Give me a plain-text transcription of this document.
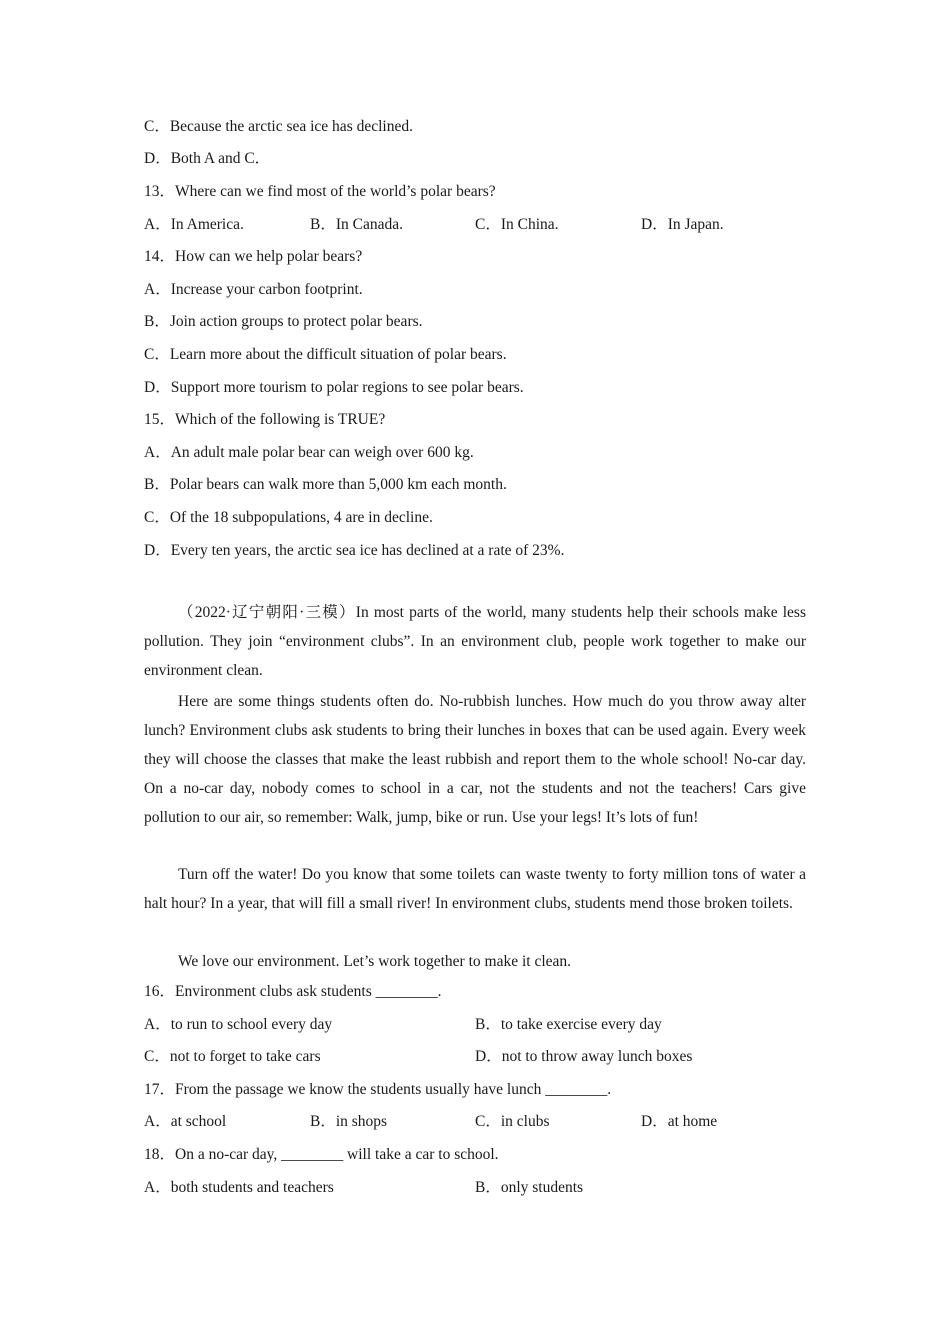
C．Because the arctic sea ice has declined.
D．Both A and C．
13．Where can we find most of the world’s polar bears?
A．In America.	B．In Canada.	C．In China.	D．In Japan.
14．How can we help polar bears?
A．Increase your carbon footprint.
B．Join action groups to protect polar bears.
C．Learn more about the difficult situation of polar bears.
D．Support more tourism to polar regions to see polar bears.
15．Which of the following is TRUE?
A．An adult male polar bear can weigh over 600 kg.
B．Polar bears can walk more than 5,000 km each month.
C．Of the 18 subpopulations, 4 are in decline.
D．Every ten years, the arctic sea ice has declined at a rate of 23%.
（2022·辽宁朝阳·三模）In most parts of the world, many students help their schools make less pollution. They join “environment clubs”. In an environment club, people work together to make our environment clean.
Here are some things students often do. No-rubbish lunches. How much do you throw away alter lunch? Environment clubs ask students to bring their lunches in boxes that can be used again. Every week they will choose the classes that make the least rubbish and report them to the whole school! No-car day. On a no-car day, nobody comes to school in a car, not the students and not the teachers! Cars give pollution to our air, so remember: Walk, jump, bike or run. Use your legs! It’s lots of fun!
Turn off the water! Do you know that some toilets can waste twenty to forty million tons of water a halt hour? In a year, that will fill a small river! In environment clubs, students mend those broken toilets.
We love our environment. Let’s work together to make it clean.
16．Environment clubs ask students ________.
A．to run to school every day	B．to take exercise every day
C．not to forget to take cars	D．not to throw away lunch boxes
17．From the passage we know the students usually have lunch ________.
A．at school	B．in shops	C．in clubs	D．at home
18．On a no-car day, ________ will take a car to school.
A．both students and teachers	B．only students
